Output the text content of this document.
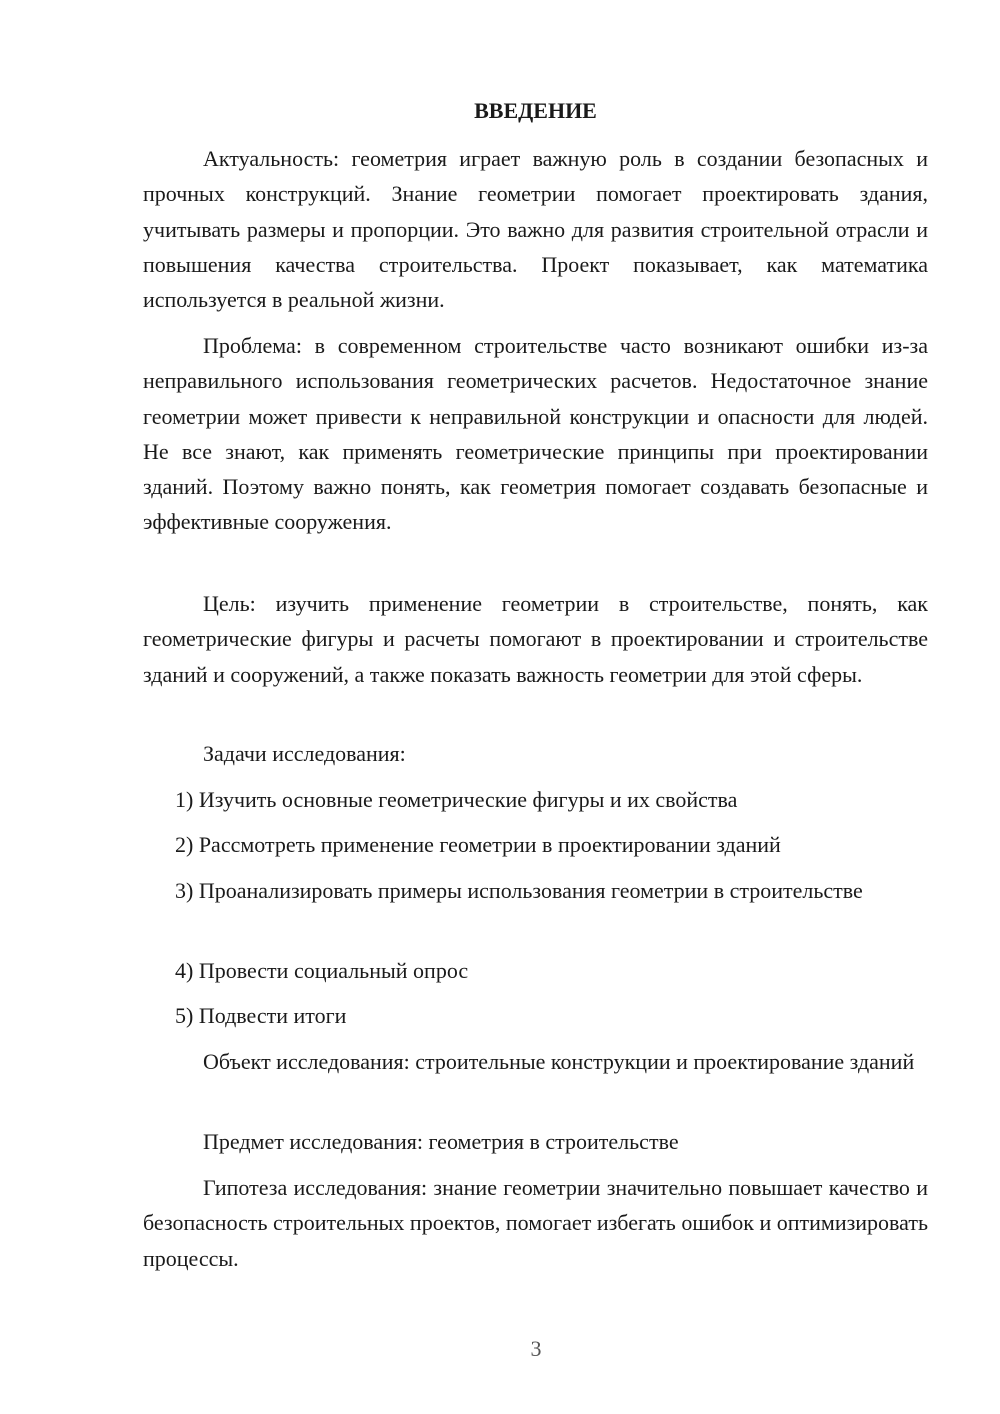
ВВЕДЕНИЕ

Актуальность: геометрия играет важную роль в создании безопасных и прочных конструкций. Знание геометрии помогает проектировать здания, учитывать размеры и пропорции. Это важно для развития строительной отрасли и повышения качества строительства. Проект показывает, как математика используется в реальной жизни.

Проблема: в современном строительстве часто возникают ошибки из-за неправильного использования геометрических расчетов. Недостаточное знание геометрии может привести к неправильной конструкции и опасности для людей. Не все знают, как применять геометрические принципы при проектировании зданий. Поэтому важно понять, как геометрия помогает создавать безопасные и эффективные сооружения.

Цель: изучить применение геометрии в строительстве, понять, как геометрические фигуры и расчеты помогают в проектировании и строительстве зданий и сооружений, а также показать важность геометрии для этой сферы.

Задачи исследования:

1) Изучить основные геометрические фигуры и их свойства

2) Рассмотреть применение геометрии в проектировании зданий

3) Проанализировать примеры использования геометрии в строительстве

4) Провести социальный опрос

5) Подвести итоги

Объект исследования: строительные конструкции и проектирование зданий

Предмет исследования: геометрия в строительстве

Гипотеза исследования: знание геометрии значительно повышает качество и безопасность строительных проектов, помогает избегать ошибок и оптимизировать процессы.

3
